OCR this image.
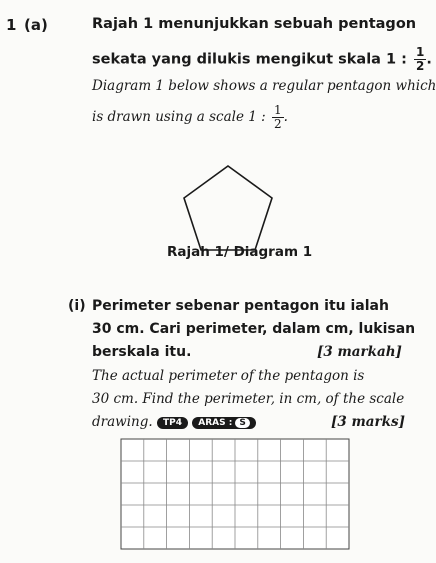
1 (a)	Rajah 1 menunjukkan sebuah pentagon
sekata yang dilukis mengikut skala 1 : $\frac{1}{2}$ .
Diagram 1 below shows a regular pentagon which
is drawn using a scale 1 : $\frac{1}{2}$ .
Rajah 1/ Diagram 1
(i) Perimeter sebenar pentagon itu ialah
30 cm. Cari perimeter, dalam cm, lukisan
berskala itu.	[3 markah]
The actual perimeter of the pentagon is
30 cm. Find the perimeter, in cm, of the scale
drawing. TP4 ARAS : S	[3 marks]
